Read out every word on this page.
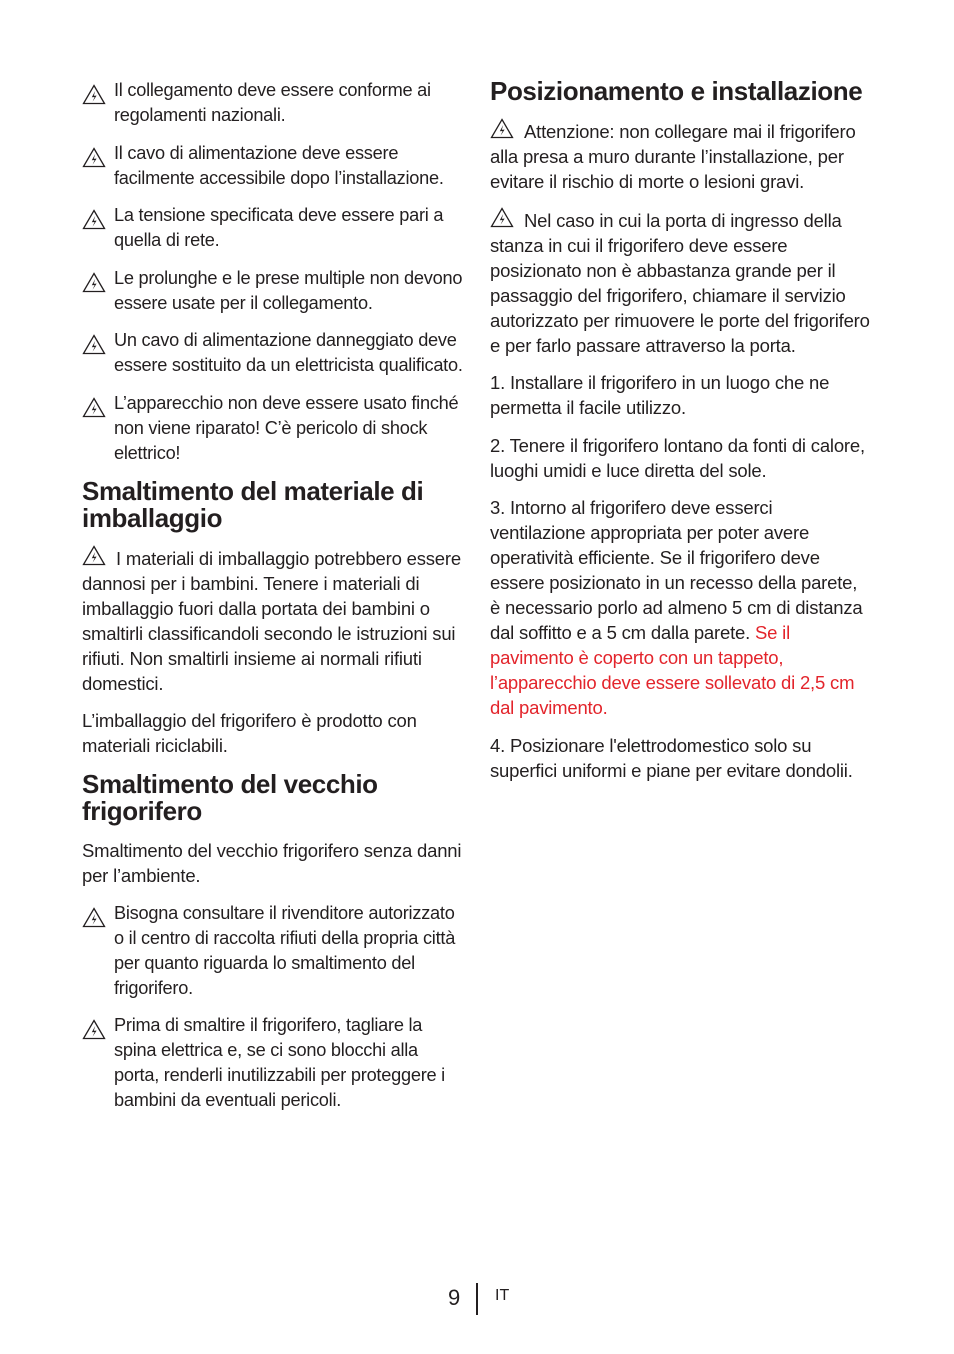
Il collegamento deve essere conforme ai regolamenti nazionali.
Il cavo di alimentazione deve essere facilmente accessibile dopo l’installazione.
La tensione specificata deve essere pari a quella di rete.
Le prolunghe e le prese multiple non devono essere usate per il collegamento.
Un cavo di alimentazione danneggiato deve essere sostituito da un elettricista qualificato.
L’apparecchio non deve essere usato finché non viene riparato! C’è pericolo di shock elettrico!
Smaltimento del materiale di imballaggio

I materiali di imballaggio potrebbero essere dannosi per i bambini. Tenere i materiali di imballaggio fuori dalla portata dei bambini o smaltirli classificandoli secondo le istruzioni sui rifiuti. Non smaltirli insieme ai normali rifiuti domestici.

L’imballaggio del frigorifero è prodotto con materiali riciclabili.

Smaltimento del vecchio frigorifero

Smaltimento del vecchio frigorifero senza danni per l’ambiente.

Bisogna consultare il rivenditore autorizzato o il centro di raccolta rifiuti della propria città per quanto riguarda lo smaltimento del frigorifero.
Prima di smaltire il frigorifero, tagliare la spina elettrica e, se ci sono blocchi alla porta, renderli inutilizzabili per proteggere i bambini da eventuali pericoli.
Posizionamento e installazione

Attenzione: non collegare mai il frigorifero alla presa a muro durante l’installazione, per evitare il rischio di morte o lesioni gravi.

Nel caso in cui la porta di ingresso della stanza in cui il frigorifero deve essere posizionato non è abbastanza grande per il passaggio del frigorifero, chiamare il servizio autorizzato per rimuovere le porte del frigorifero e per farlo passare attraverso la porta.

1. Installare il frigorifero in un luogo che ne permetta il facile utilizzo.

2. Tenere il frigorifero lontano da fonti di calore, luoghi umidi e luce diretta del sole.

3. Intorno al frigorifero deve esserci ventilazione appropriata per poter avere operatività efficiente. Se il frigorifero deve essere posizionato in un recesso della parete, è necessario porlo ad almeno 5 cm di distanza dal soffitto e a 5 cm dalla parete. Se il pavimento è coperto con un tappeto, l’apparecchio deve essere sollevato di 2,5 cm dal pavimento.

4. Posizionare l'elettrodomestico solo su superfici uniformi e piane per evitare dondolii.

9 IT
